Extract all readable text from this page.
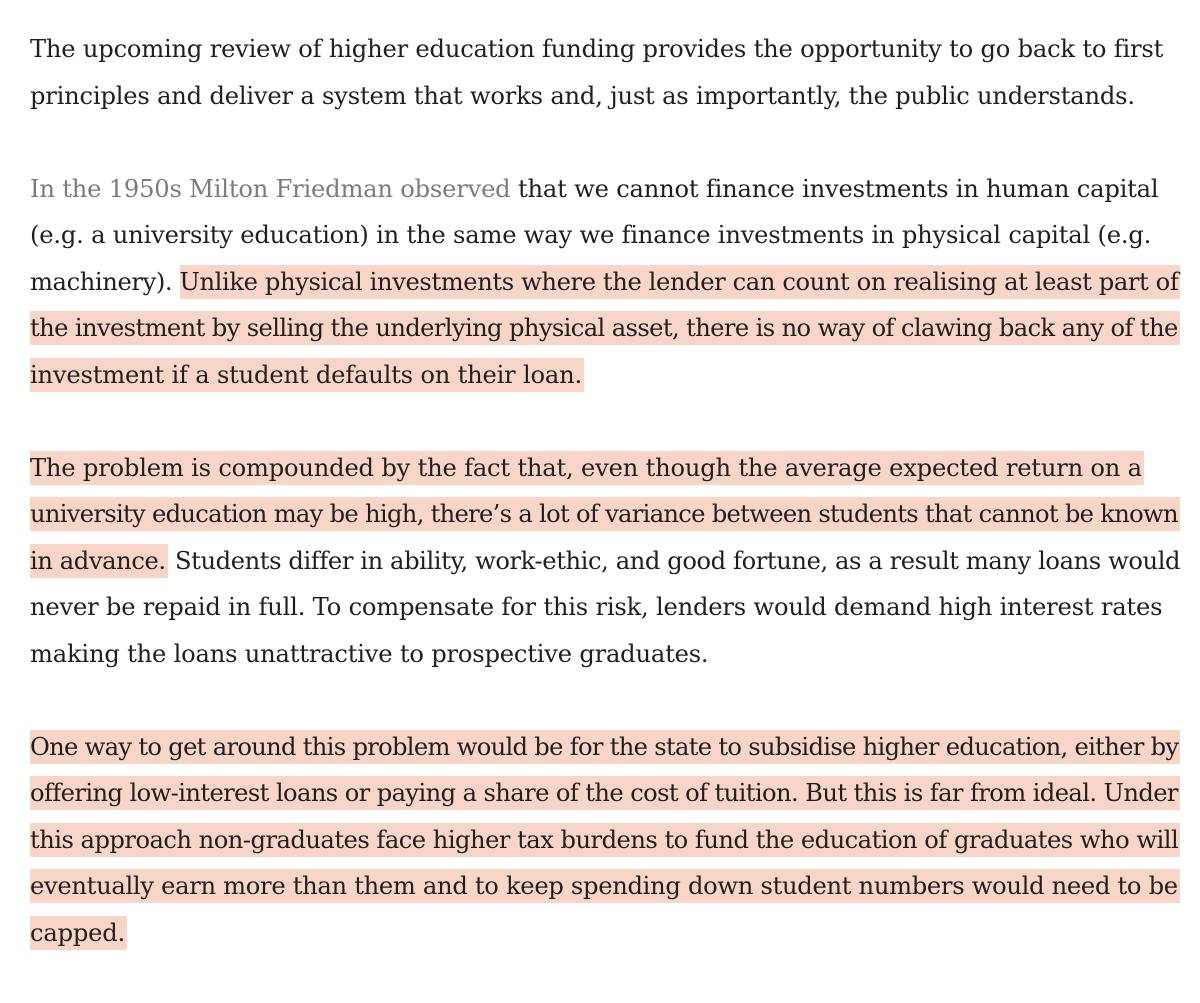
The upcoming review of higher education funding provides the opportunity to go back to first
principles and deliver a system that works and, just as importantly, the public understands.

In the 1950s Milton Friedman observed that we cannot finance investments in human capital
(e.g. a university education) in the same way we finance investments in physical capital (e.g.
machinery). Unlike physical investments where the lender can count on realising at least part of
the investment by selling the underlying physical asset, there is no way of clawing back any of the
investment if a student defaults on their loan.

The problem is compounded by the fact that, even though the average expected return on a
university education may be high, there’s a lot of variance between students that cannot be known
in advance. Students differ in ability, work-ethic, and good fortune, as a result many loans would
never be repaid in full. To compensate for this risk, lenders would demand high interest rates
making the loans unattractive to prospective graduates.

One way to get around this problem would be for the state to subsidise higher education, either by
offering low-interest loans or paying a share of the cost of tuition. But this is far from ideal. Under
this approach non-graduates face higher tax burdens to fund the education of graduates who will
eventually earn more than them and to keep spending down student numbers would need to be
capped.
